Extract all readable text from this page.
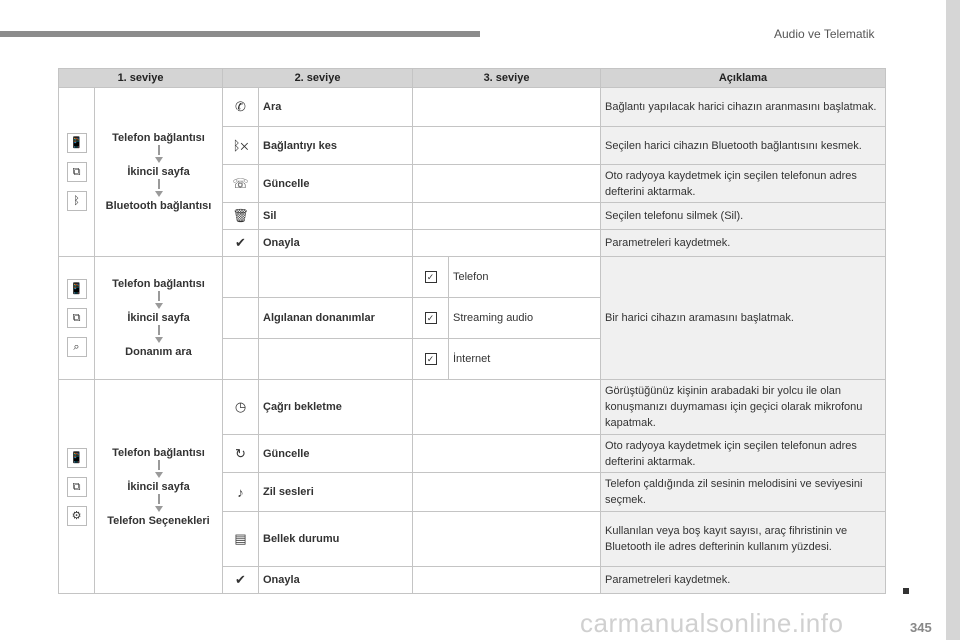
Audio ve Telematik
1. seviye		2. seviye		3. seviye		Açıklama

📱
⧉
ᛒ	Telefon bağlantısı
İkincil sayfa
Bluetooth bağlantısı	✆	Ara			Bağlantı yapılacak harici cihazın aranmasını başlatmak.
		ᛒ✕	Bağlantıyı kes			Seçilen harici cihazın Bluetooth bağlantısını kesmek.
		☏	Güncelle			Oto radyoya kaydetmek için seçilen telefonun adres defterini aktarmak.
		🗑	Sil			Seçilen telefonu silmek (Sil).
		✔	Onayla			Parametreleri kaydetmek.

📱
⧉
⌕	Telefon bağlantısı
İkincil sayfa
Donanım ara			✓	Telefon	Bir harici cihazın aramasını başlatmak.
			Algılanan donanımlar	✓	Streaming audio	
				✓	İnternet	

📱
⧉
⚙	Telefon bağlantısı
İkincil sayfa
Telefon Seçenekleri	◷	Çağrı bekletme			Görüştüğünüz kişinin arabadaki bir yolcu ile olan konuşmanızı duymaması için geçici olarak mikrofonu kapatmak.
		↻	Güncelle			Oto radyoya kaydetmek için seçilen telefonun adres defterini aktarmak.
		♪	Zil sesleri			Telefon çaldığında zil sesinin melodisini ve seviyesini seçmek.
		▤	Bellek durumu			Kullanılan veya boş kayıt sayısı, araç fihristinin ve Bluetooth ile adres defterinin kullanım yüzdesi.
		✔	Onayla			Parametreleri kaydetmek.
carmanualsonline.info	345
